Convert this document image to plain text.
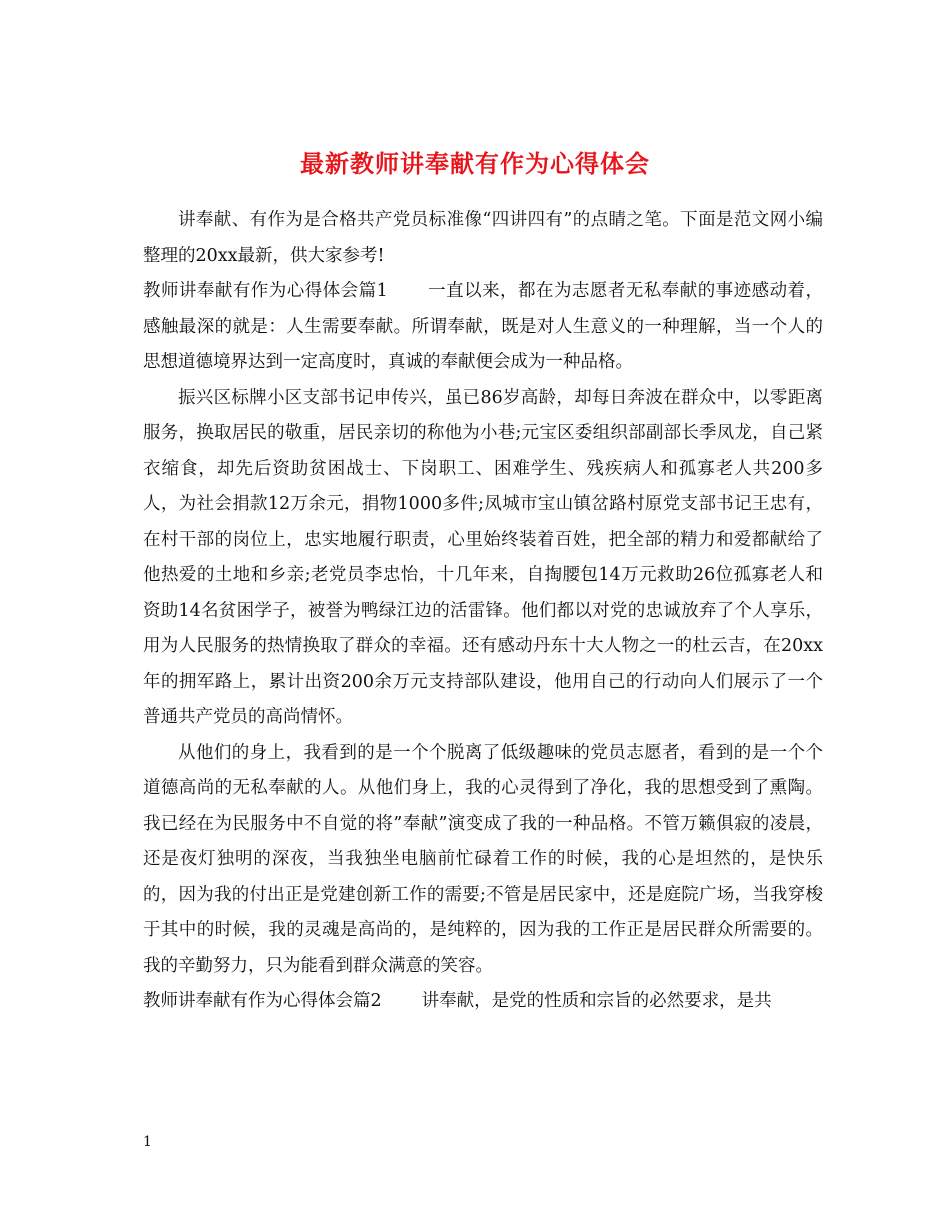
最新教师讲奉献有作为心得体会

讲奉献、有作为是合格共产党员标准像“四讲四有”的点睛之笔。下面是范文网小编整理的20xx最新，供大家参考!

教师讲奉献有作为心得体会篇1 一直以来，都在为志愿者无私奉献的事迹感动着，感触最深的就是：人生需要奉献。所谓奉献，既是对人生意义的一种理解，当一个人的思想道德境界达到一定高度时，真诚的奉献便会成为一种品格。

振兴区标牌小区支部书记申传兴，虽已86岁高龄，却每日奔波在群众中，以零距离服务，换取居民的敬重，居民亲切的称他为小巷;元宝区委组织部副部长季凤龙，自己紧衣缩食，却先后资助贫困战士、下岗职工、困难学生、残疾病人和孤寡老人共200多人，为社会捐款12万余元，捐物1000多件;凤城市宝山镇岔路村原党支部书记王忠有，在村干部的岗位上，忠实地履行职责，心里始终装着百姓，把全部的精力和爱都献给了他热爱的土地和乡亲;老党员李忠怡，十几年来，自掏腰包14万元救助26位孤寡老人和资助14名贫困学子，被誉为鸭绿江边的活雷锋。他们都以对党的忠诚放弃了个人享乐，用为人民服务的热情换取了群众的幸福。还有感动丹东十大人物之一的杜云吉，在20xx年的拥军路上，累计出资200余万元支持部队建设，他用自己的行动向人们展示了一个普通共产党员的高尚情怀。

从他们的身上，我看到的是一个个脱离了低级趣味的党员志愿者，看到的是一个个道德高尚的无私奉献的人。从他们身上，我的心灵得到了净化，我的思想受到了熏陶。我已经在为民服务中不自觉的将”奉献”演变成了我的一种品格。不管万籁俱寂的凌晨，还是夜灯独明的深夜，当我独坐电脑前忙碌着工作的时候，我的心是坦然的，是快乐的，因为我的付出正是党建创新工作的需要;不管是居民家中，还是庭院广场，当我穿梭于其中的时候，我的灵魂是高尚的，是纯粹的，因为我的工作正是居民群众所需要的。我的辛勤努力，只为能看到群众满意的笑容。

教师讲奉献有作为心得体会篇2 讲奉献，是党的性质和宗旨的必然要求，是共

1
